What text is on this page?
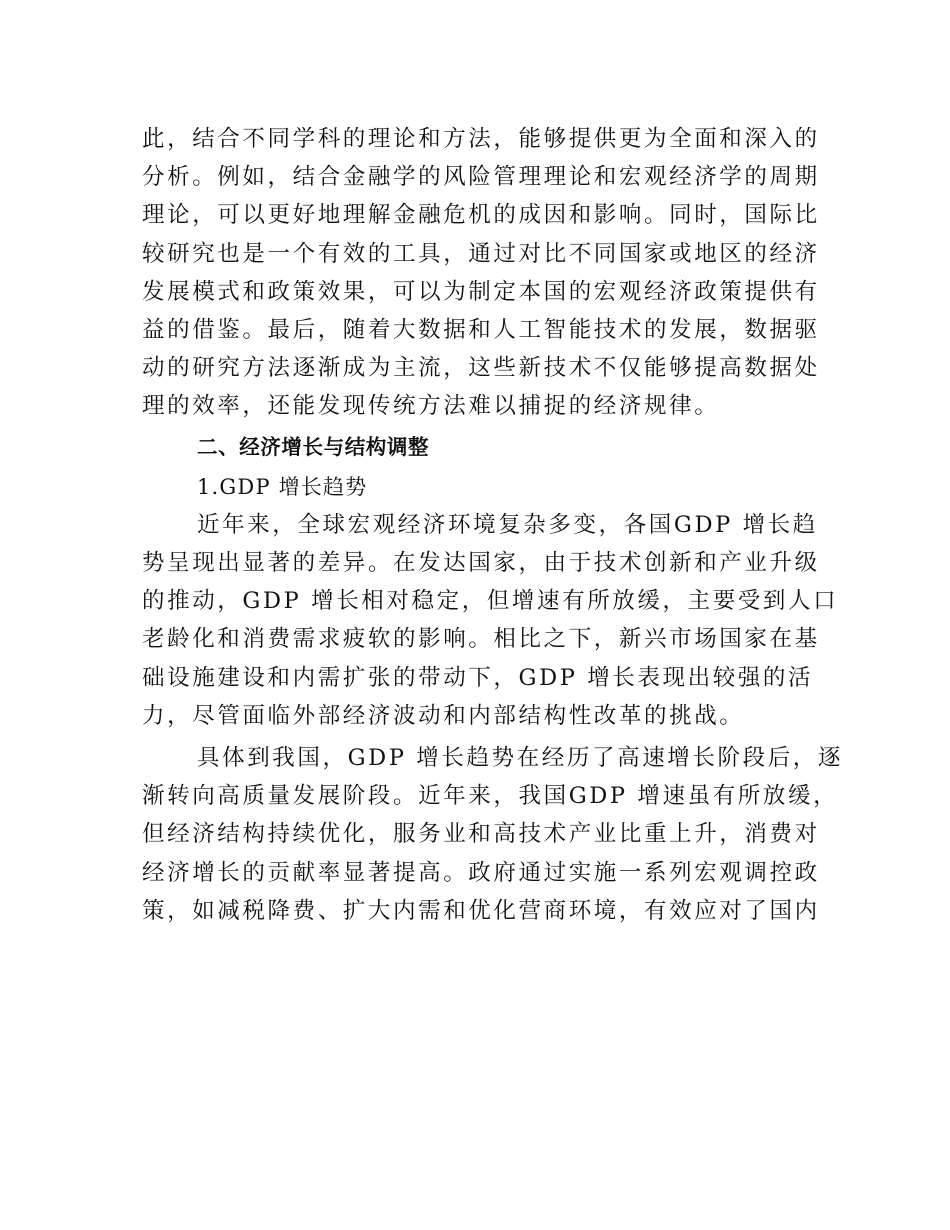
此，结合不同学科的理论和方法，能够提供更为全面和深入的
分析。例如，结合金融学的风险管理理论和宏观经济学的周期
理论，可以更好地理解金融危机的成因和影响。同时，国际比
较研究也是一个有效的工具，通过对比不同国家或地区的经济
发展模式和政策效果，可以为制定本国的宏观经济政策提供有
益的借鉴。最后，随着大数据和人工智能技术的发展，数据驱
动的研究方法逐渐成为主流，这些新技术不仅能够提高数据处
理的效率，还能发现传统方法难以捕捉的经济规律。
二、经济增长与结构调整
1.GDP 增长趋势
近年来，全球宏观经济环境复杂多变，各国GDP 增长趋
势呈现出显著的差异。在发达国家，由于技术创新和产业升级
的推动，GDP 增长相对稳定，但增速有所放缓，主要受到人口
老龄化和消费需求疲软的影响。相比之下，新兴市场国家在基
础设施建设和内需扩张的带动下，GDP 增长表现出较强的活
力，尽管面临外部经济波动和内部结构性改革的挑战。
具体到我国，GDP 增长趋势在经历了高速增长阶段后，逐
渐转向高质量发展阶段。近年来，我国GDP 增速虽有所放缓，
但经济结构持续优化，服务业和高技术产业比重上升，消费对
经济增长的贡献率显著提高。政府通过实施一系列宏观调控政
策，如减税降费、扩大内需和优化营商环境，有效应对了国内
